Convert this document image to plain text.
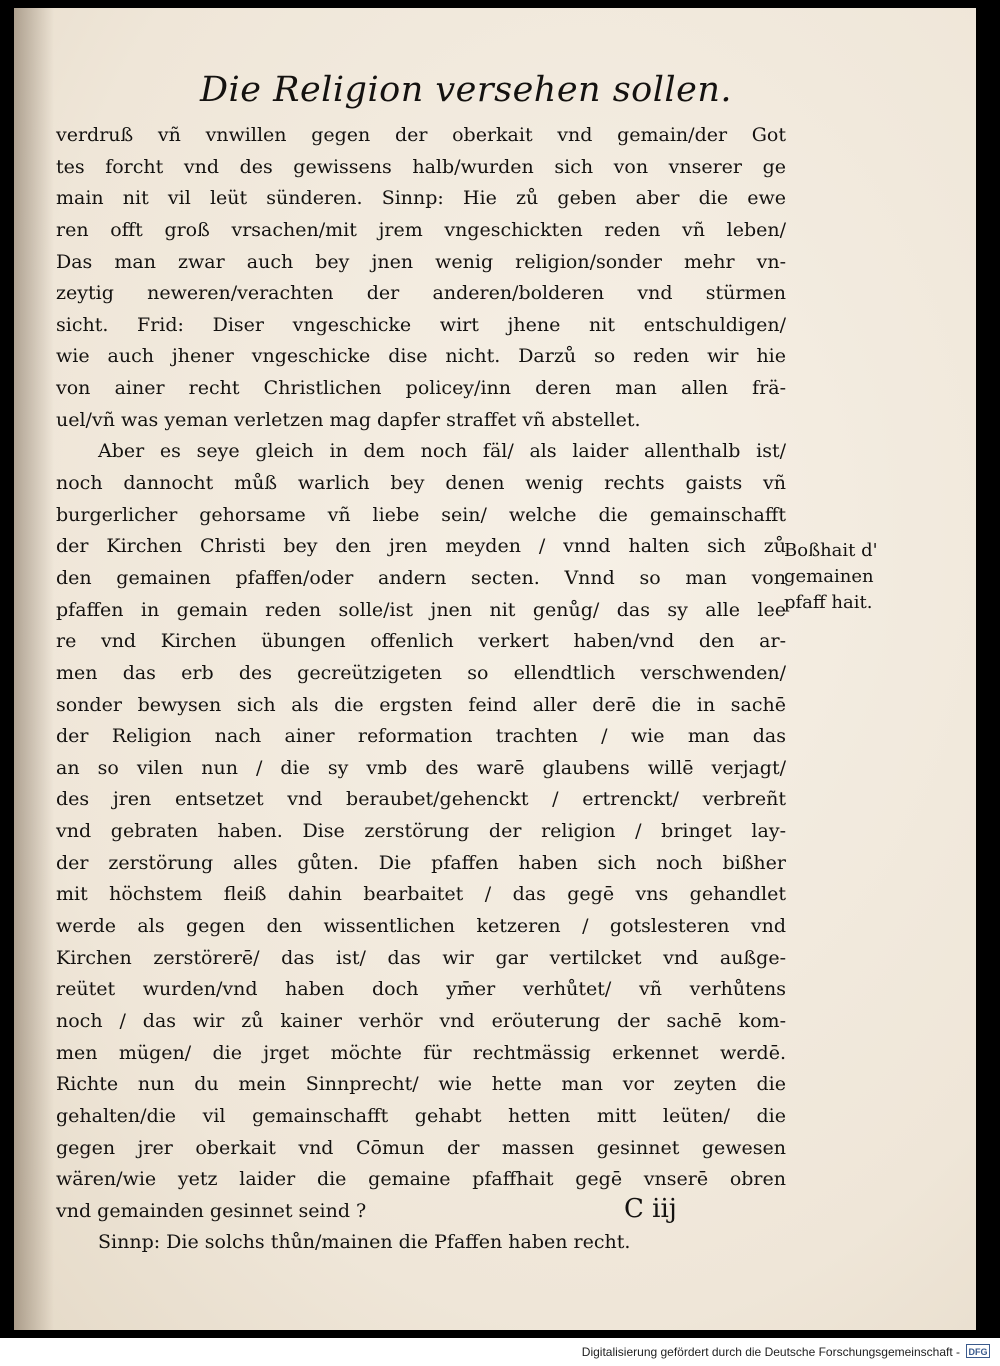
Die Religion versehen sollen.
verdruß vñ vnwillen gegen der oberkait vnd gemain/der Got
tes forcht vnd des gewissens halb/wurden sich von vnserer ge
main nit vil leüt sünderen. Sinnp: Hie zů geben aber die ewe
ren offt groß vrsachen/mit jrem vngeschickten reden vñ leben/
Das man zwar auch bey jnen wenig religion/sonder mehr vn-
zeytig neweren/verachten der anderen/bolderen vnd stürmen
sicht. Frid: Diser vngeschicke wirt jhene nit entschuldigen/
wie auch jhener vngeschicke dise nicht. Darzů so reden wir hie
von ainer recht Christlichen policey/inn deren man allen frä-
uel/vñ was yeman verletzen mag dapfer straffet vñ abstellet.
Aber es seye gleich in dem noch fäl/ als laider allenthalb ist/
noch dannocht můß warlich bey denen wenig rechts gaists vñ
burgerlicher gehorsame vñ liebe sein/ welche die gemainschafft
der Kirchen Christi bey den jren meyden / vnnd halten sich zů
den gemainen pfaffen/oder andern secten. Vnnd so man von
pfaffen in gemain reden solle/ist jnen nit genůg/ das sy alle lee
re vnd Kirchen übungen offenlich verkert haben/vnd den ar-
men das erb des gecreützigeten so ellendtlich verschwenden/
sonder bewysen sich als die ergsten feind aller derē die in sachē
der Religion nach ainer reformation trachten / wie man das
an so vilen nun / die sy vmb des warē glaubens willē verjagt/
des jren entsetzet vnd beraubet/gehenckt / ertrenckt/ verbreñt
vnd gebraten haben. Dise zerstörung der religion / bringet lay-
der zerstörung alles gůten. Die pfaffen haben sich noch bißher
mit höchstem fleiß dahin bearbaitet / das gegē vns gehandlet
werde als gegen den wissentlichen ketzeren / gotslesteren vnd
Kirchen zerstörerē/ das ist/ das wir gar vertilcket vnd außge-
reütet wurden/vnd haben doch ym̄er verhůtet/ vñ verhůtens
noch / das wir zů kainer verhör vnd eröuterung der sachē kom-
men mügen/ die jrget möchte für rechtmässig erkennet werdē.
Richte nun du mein Sinnprecht/ wie hette man vor zeyten die
gehalten/die vil gemainschafft gehabt hetten mitt leüten/ die
gegen jrer oberkait vnd Cōmun der massen gesinnet gewesen
wären/wie yetz laider die gemaine pfaffhait gegē vnserē obren
vnd gemainden gesinnet seind ?
Sinnp: Die solchs thůn/mainen die Pfaffen haben recht.
Boßhait d'
gemainen
pfaff hait.
C iij
Digitalisierung gefördert durch die Deutsche Forschungsgemeinschaft - DFG
